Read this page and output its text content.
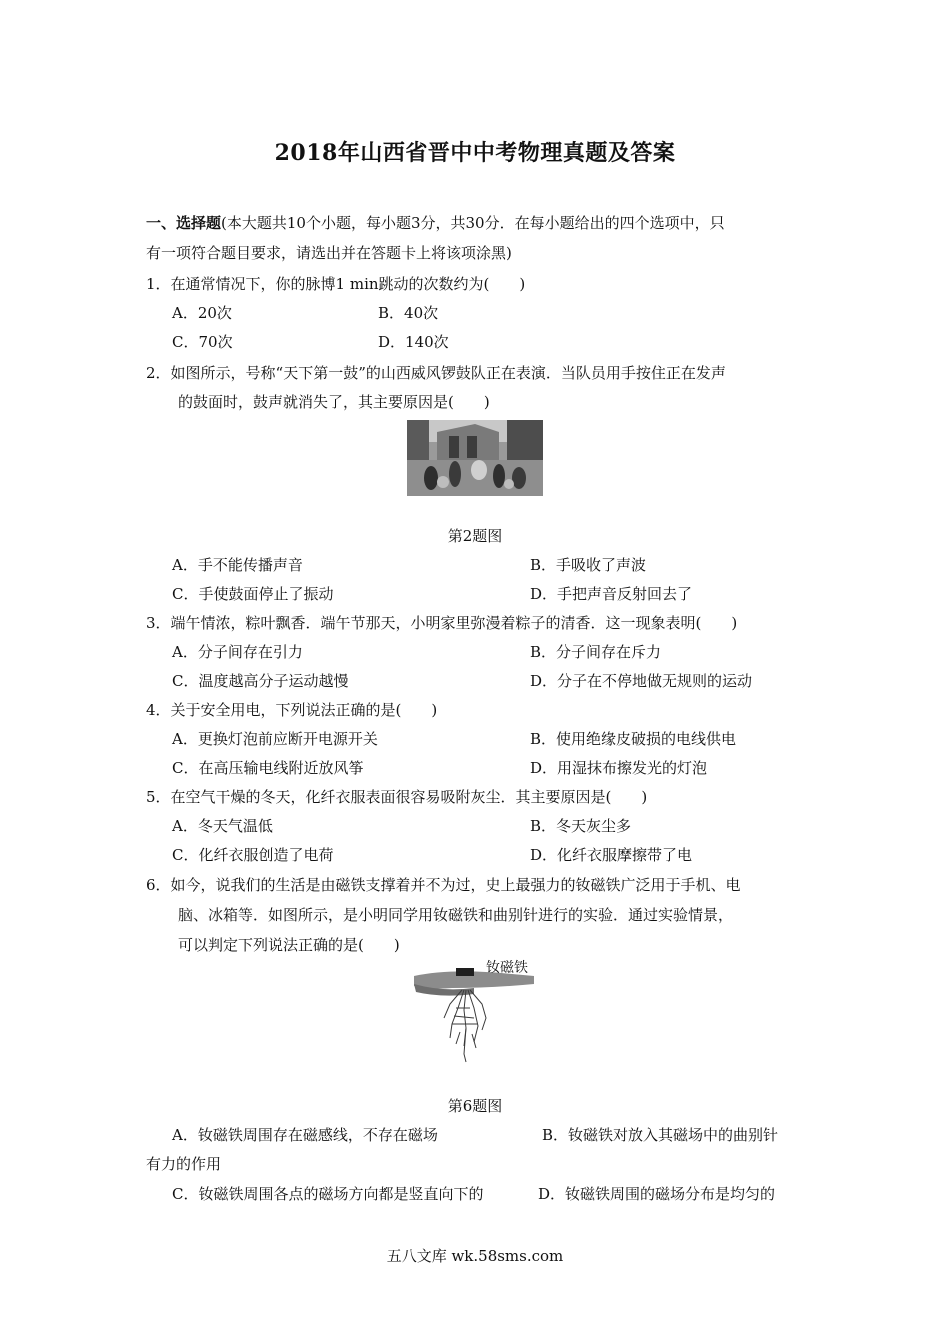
2018年山西省晋中中考物理真题及答案
一、选择题(本大题共10个小题，每小题3分，共30分．在每小题给出的四个选项中，只
有一项符合题目要求，请选出并在答题卡上将该项涂黑)
1．在通常情况下，你的脉博1 min跳动的次数约为(　　)
A．20次	B．40次
C．70次	D．140次
2．如图所示，号称“天下第一鼓”的山西威风锣鼓队正在表演．当队员用手按住正在发声
的鼓面时，鼓声就消失了，其主要原因是(　　)
第2题图
A．手不能传播声音	B．手吸收了声波
C．手使鼓面停止了振动	D．手把声音反射回去了
3．端午情浓，粽叶飘香．端午节那天，小明家里弥漫着粽子的清香．这一现象表明(　　)
A．分子间存在引力	B．分子间存在斥力
C．温度越高分子运动越慢	D．分子在不停地做无规则的运动
4．关于安全用电，下列说法正确的是(　　)
A．更换灯泡前应断开电源开关	B．使用绝缘皮破损的电线供电
C．在高压输电线附近放风筝	D．用湿抹布擦发光的灯泡
5．在空气干燥的冬天，化纤衣服表面很容易吸附灰尘．其主要原因是(　　)
A．冬天气温低	B．冬天灰尘多
C．化纤衣服创造了电荷	D．化纤衣服摩擦带了电
6．如今，说我们的生活是由磁铁支撑着并不为过，史上最强力的钕磁铁广泛用于手机、电
脑、冰箱等．如图所示，是小明同学用钕磁铁和曲别针进行的实验．通过实验情景，
可以判定下列说法正确的是(　　)
钕磁铁
第6题图
A．钕磁铁周围存在磁感线，不存在磁场	B．钕磁铁对放入其磁场中的曲别针
有力的作用
C．钕磁铁周围各点的磁场方向都是竖直向下的	D．钕磁铁周围的磁场分布是均匀的
五八文库 wk.58sms.com
